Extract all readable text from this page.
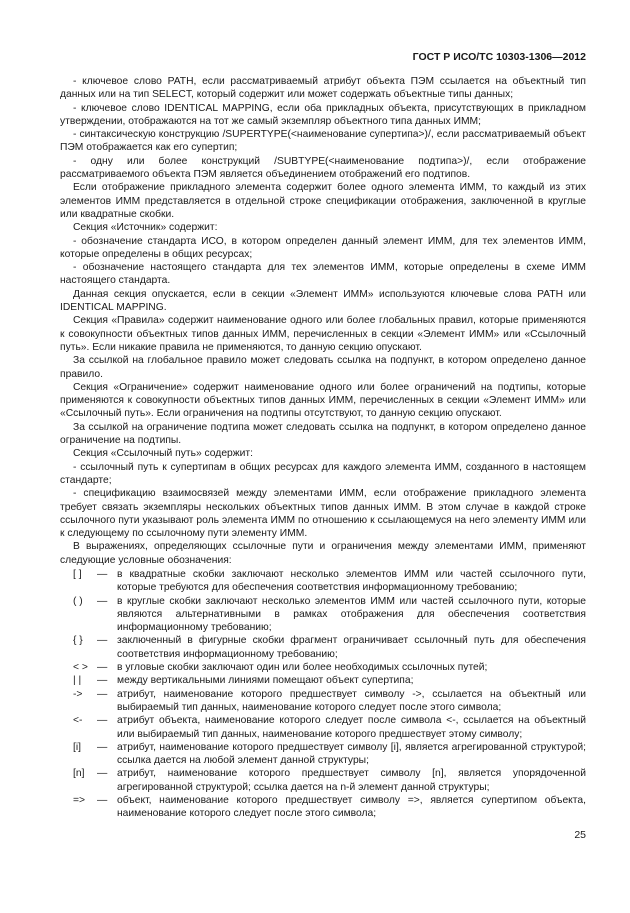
ГОСТ Р ИСО/ТС 10303-1306—2012

- ключевое слово PATH, если рассматриваемый атрибут объекта ПЭМ ссылается на объектный тип данных или на тип SELECT, который содержит или может содержать объектные типы данных;

- ключевое слово IDENTICAL MAPPING, если оба прикладных объекта, присутствующих в прикладном утверждении, отображаются на тот же самый экземпляр объектного типа данных ИММ;

- синтаксическую конструкцию /SUPERTYPE(<наименование супертипа>)/, если рассматриваемый объект ПЭМ отображается как его супертип;

- одну или более конструкций /SUBTYPE(<наименование подтипа>)/, если отображение рассматриваемого объекта ПЭМ является объединением отображений его подтипов.

Если отображение прикладного элемента содержит более одного элемента ИММ, то каждый из этих элементов ИММ представляется в отдельной строке спецификации отображения, заключенной в круглые или квадратные скобки.

Секция «Источник» содержит:

- обозначение стандарта ИСО, в котором определен данный элемент ИММ, для тех элементов ИММ, которые определены в общих ресурсах;

- обозначение настоящего стандарта для тех элементов ИММ, которые определены в схеме ИММ настоящего стандарта.

Данная секция опускается, если в секции «Элемент ИММ» используются ключевые слова PATH или IDENTICAL MAPPING.

Секция «Правила» содержит наименование одного или более глобальных правил, которые применяются к совокупности объектных типов данных ИММ, перечисленных в секции «Элемент ИММ» или «Ссылочный путь». Если никакие правила не применяются, то данную секцию опускают.

За ссылкой на глобальное правило может следовать ссылка на подпункт, в котором определено данное правило.

Секция «Ограничение» содержит наименование одного или более ограничений на подтипы, которые применяются к совокупности объектных типов данных ИММ, перечисленных в секции «Элемент ИММ» или «Ссылочный путь». Если ограничения на подтипы отсутствуют, то данную секцию опускают.

За ссылкой на ограничение подтипа может следовать ссылка на подпункт, в котором определено данное ограничение на подтипы.

Секция «Ссылочный путь» содержит:

- ссылочный путь к супертипам в общих ресурсах для каждого элемента ИММ, созданного в настоящем стандарте;

- спецификацию взаимосвязей между элементами ИММ, если отображение прикладного элемента требует связать экземпляры нескольких объектных типов данных ИММ. В этом случае в каждой строке ссылочного пути указывают роль элемента ИММ по отношению к ссылающемуся на него элементу ИММ или к следующему по ссылочному пути элементу ИММ.

В выражениях, определяющих ссылочные пути и ограничения между элементами ИММ, применяют следующие условные обозначения:

[ ]	— в квадратные скобки заключают несколько элементов ИММ или частей ссылочного пути, которые требуются для обеспечения соответствия информационному требованию;
( )	— в круглые скобки заключают несколько элементов ИММ или частей ссылочного пути, которые являются альтернативными в рамках отображения для обеспечения соответствия информационному требованию;
{ }	— заключенный в фигурные скобки фрагмент ограничивает ссылочный путь для обеспечения соответствия информационному требованию;
< > — в угловые скобки заключают один или более необходимых ссылочных путей;
| |	— между вертикальными линиями помещают объект супертипа;
->	— атрибут, наименование которого предшествует символу ->, ссылается на объектный или выбираемый тип данных, наименование которого следует после этого символа;
<-	— атрибут объекта, наименование которого следует после символа <-, ссылается на объектный или выбираемый тип данных, наименование которого предшествует этому символу;
[i]	— атрибут, наименование которого предшествует символу [i], является агрегированной структурой; ссылка дается на любой элемент данной структуры;
[n]	— атрибут, наименование которого предшествует символу [n], является упорядоченной агрегированной структурой; ссылка дается на n-й элемент данной структуры;
=>	— объект, наименование которого предшествует символу =>, является супертипом объекта, наименование которого следует после этого символа;
25
